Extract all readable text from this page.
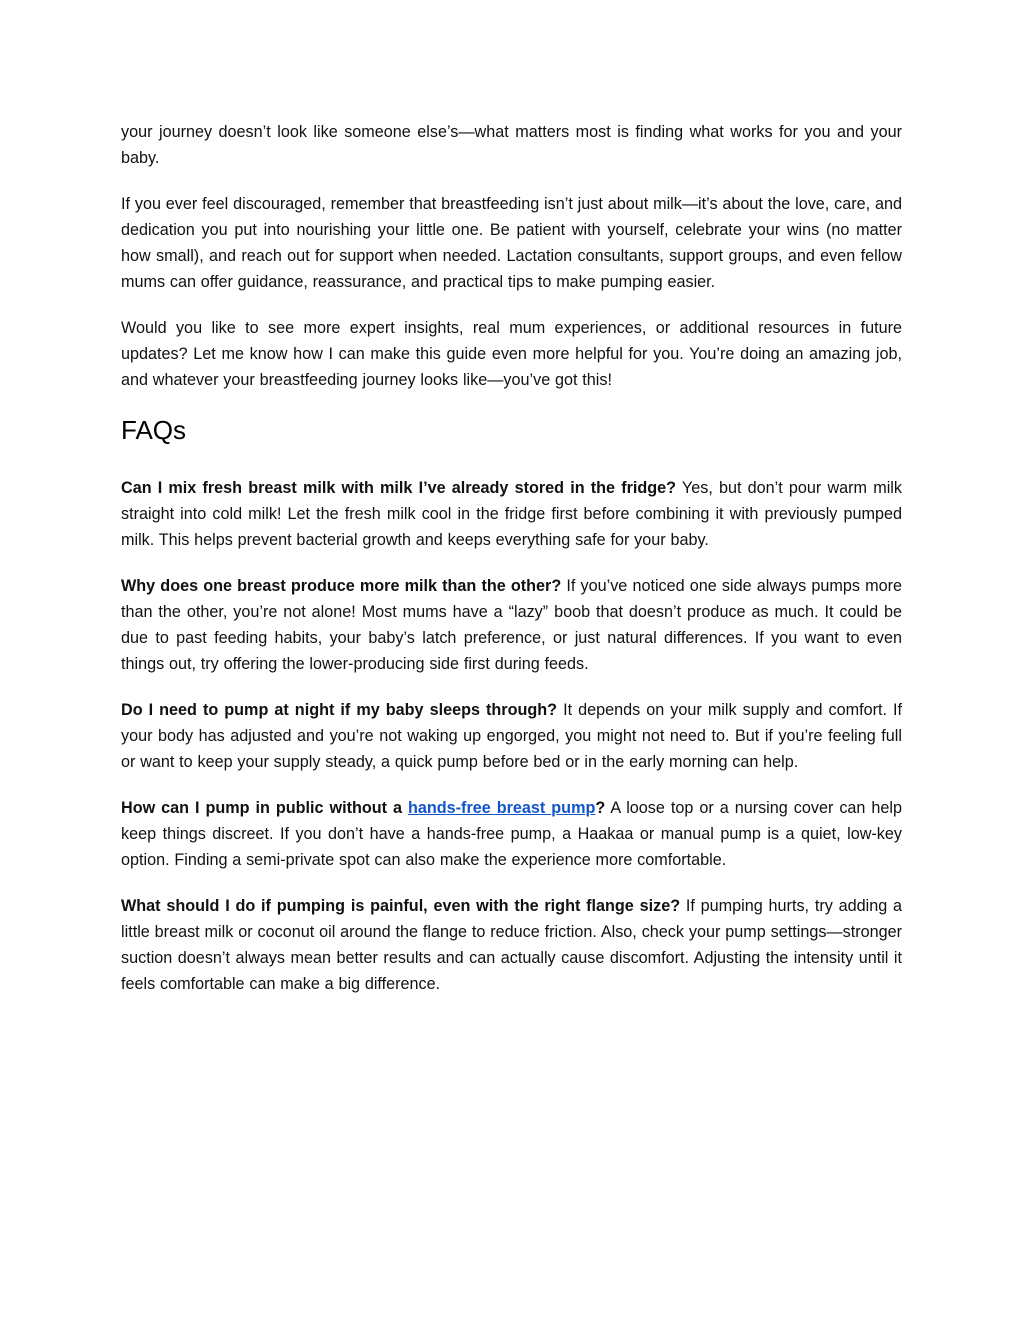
your journey doesn’t look like someone else’s—what matters most is finding what works for you and your baby.

If you ever feel discouraged, remember that breastfeeding isn’t just about milk—it’s about the love, care, and dedication you put into nourishing your little one. Be patient with yourself, celebrate your wins (no matter how small), and reach out for support when needed. Lactation consultants, support groups, and even fellow mums can offer guidance, reassurance, and practical tips to make pumping easier.

Would you like to see more expert insights, real mum experiences, or additional resources in future updates? Let me know how I can make this guide even more helpful for you. You’re doing an amazing job, and whatever your breastfeeding journey looks like—you’ve got this!

FAQs

Can I mix fresh breast milk with milk I’ve already stored in the fridge? Yes, but don’t pour warm milk straight into cold milk! Let the fresh milk cool in the fridge first before combining it with previously pumped milk. This helps prevent bacterial growth and keeps everything safe for your baby.

Why does one breast produce more milk than the other? If you’ve noticed one side always pumps more than the other, you’re not alone! Most mums have a “lazy” boob that doesn’t produce as much. It could be due to past feeding habits, your baby’s latch preference, or just natural differences. If you want to even things out, try offering the lower-producing side first during feeds.

Do I need to pump at night if my baby sleeps through? It depends on your milk supply and comfort. If your body has adjusted and you’re not waking up engorged, you might not need to. But if you’re feeling full or want to keep your supply steady, a quick pump before bed or in the early morning can help.

How can I pump in public without a hands-free breast pump? A loose top or a nursing cover can help keep things discreet. If you don’t have a hands-free pump, a Haakaa or manual pump is a quiet, low-key option. Finding a semi-private spot can also make the experience more comfortable.

What should I do if pumping is painful, even with the right flange size? If pumping hurts, try adding a little breast milk or coconut oil around the flange to reduce friction. Also, check your pump settings—stronger suction doesn’t always mean better results and can actually cause discomfort. Adjusting the intensity until it feels comfortable can make a big difference.
